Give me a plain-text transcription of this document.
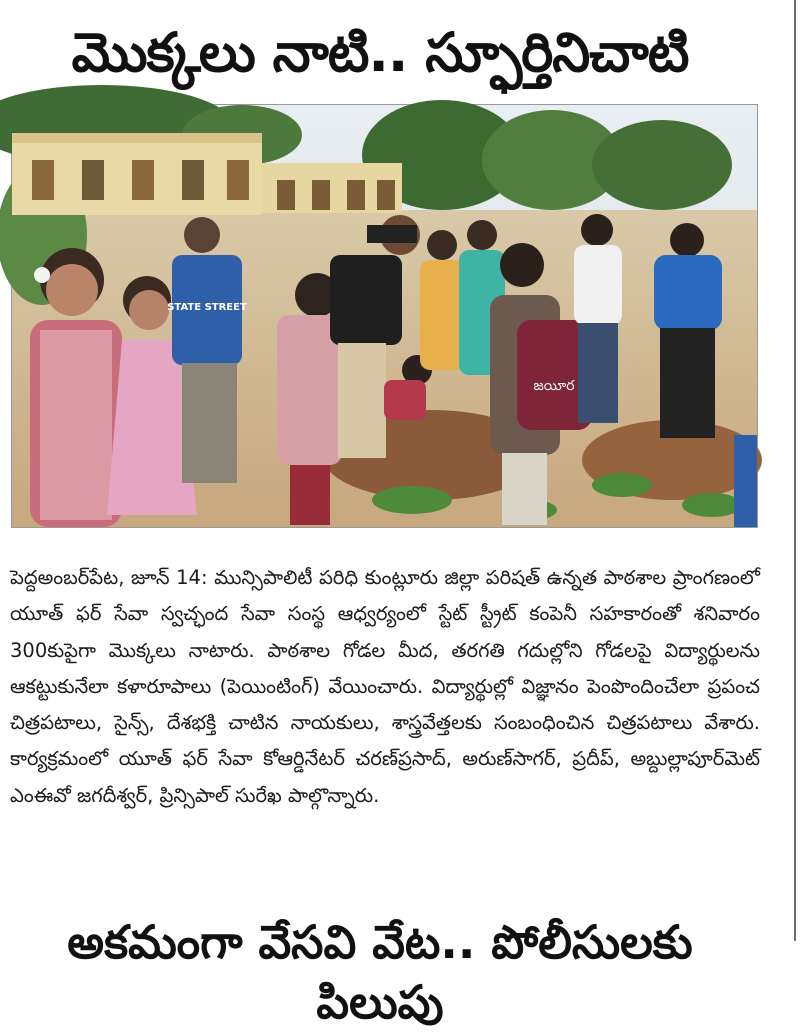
మొక్కలు నాటి.. స్ఫూర్తినిచాటి
జయీర
STATE STREET

పెద్దఅంబర్‌పేట, జూన్ 14: మున్సిపాలిటీ పరిధి కుంట్లూరు జిల్లా పరిషత్ ఉన్నత పాఠశాల ప్రాంగణంలో యూత్ ఫర్ సేవా స్వచ్ఛంద సేవా సంస్థ ఆధ్వర్యంలో స్టేట్ స్ట్రీట్ కంపెనీ సహకారంతో శనివారం 300కుపైగా మొక్కలు నాటారు. పాఠశాల గోడల మీద, తరగతి గదుల్లోని గోడలపై విద్యార్థులను ఆకట్టుకునేలా కళారూపాలు (పెయింటింగ్) వేయించారు. విద్యార్థుల్లో విజ్ఞానం పెంపొందించేలా ప్రపంచ చిత్రపటాలు, సైన్స్, దేశభక్తి చాటిన నాయకులు, శాస్త్రవేత్తలకు సంబంధించిన చిత్రపటాలు వేశారు. కార్యక్రమంలో యూత్ ఫర్ సేవా కోఆర్డినేటర్ చరణ్‌ప్రసాద్, అరుణ్‌సాగర్, ప్రదీప్, అబ్దుల్లాపూర్‌మెట్ ఎంఈవో జగదీశ్వర్, ప్రిన్సిపాల్ సురేఖ పాల్గొన్నారు.

అకమంగా వేసవి వేట.. పోలీసులకు పిలుపు
